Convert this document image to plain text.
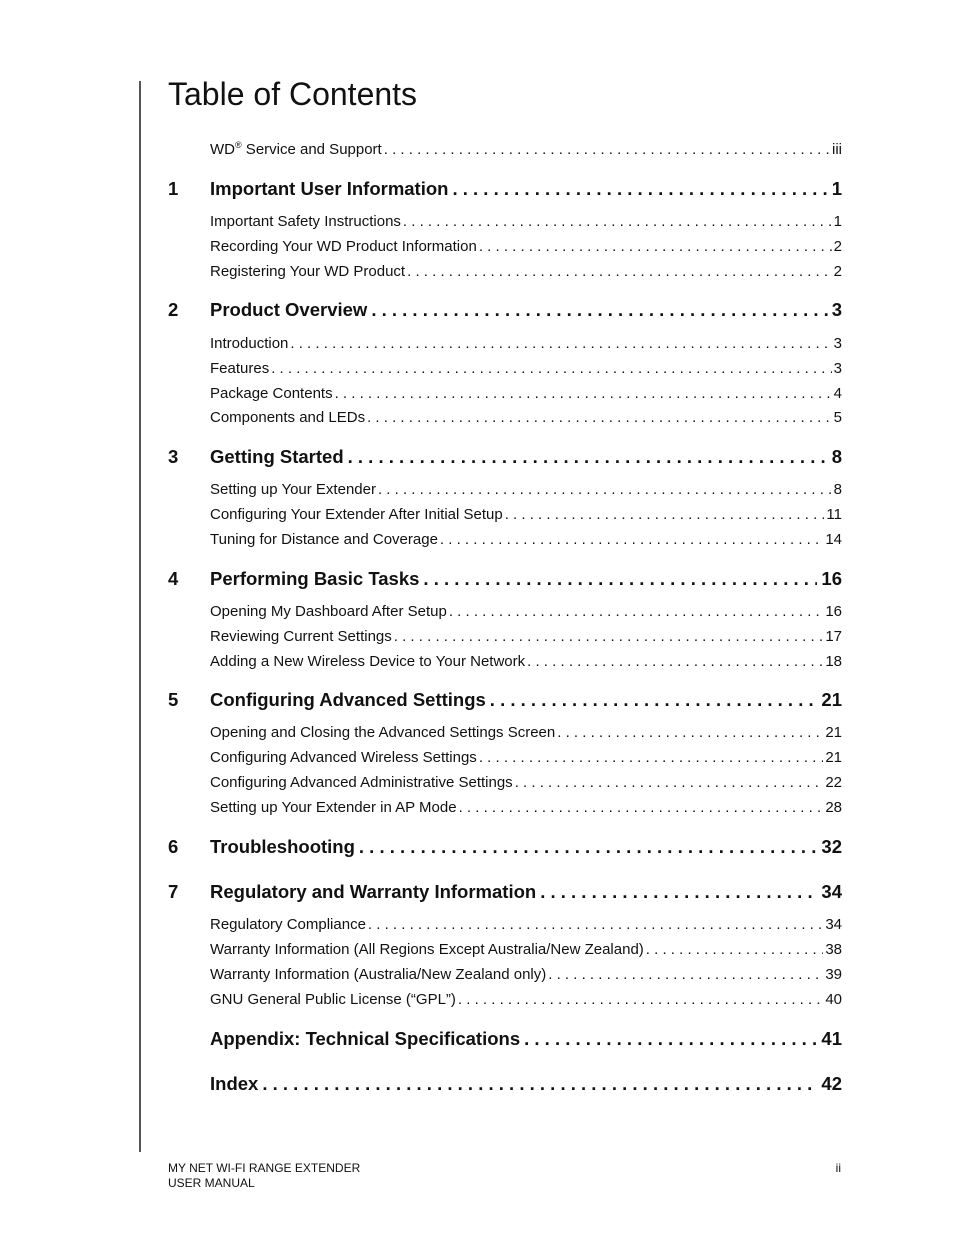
Table of Contents
WD® Service and Support . . .	iii
1 Important User Information . . .	1
Important Safety Instructions . . .	1
Recording Your WD Product Information . . .	2
Registering Your WD Product . . .	2
2 Product Overview . . .	3
Introduction . . .	3
Features . . .	3
Package Contents . . .	4
Components and LEDs . . .	5
3 Getting Started . . .	8
Setting up Your Extender . . .	8
Configuring Your Extender After Initial Setup . . .	11
Tuning for Distance and Coverage . . .	14
4 Performing Basic Tasks . . .	16
Opening My Dashboard After Setup . . .	16
Reviewing Current Settings . . .	17
Adding a New Wireless Device to Your Network . . .	18
5 Configuring Advanced Settings . . .	21
Opening and Closing the Advanced Settings Screen . . .	21
Configuring Advanced Wireless Settings . . .	21
Configuring Advanced Administrative Settings . . .	22
Setting up Your Extender in AP Mode . . .	28
6 Troubleshooting . . .	32
7 Regulatory and Warranty Information . . .	34
Regulatory Compliance . . .	34
Warranty Information (All Regions Except Australia/New Zealand) . . .	38
Warranty Information (Australia/New Zealand only) . . .	39
GNU General Public License (“GPL”) . . .	40
Appendix: Technical Specifications . . .	41
Index . . .	42
MY NET WI-FI RANGE EXTENDER
USER MANUAL
ii
